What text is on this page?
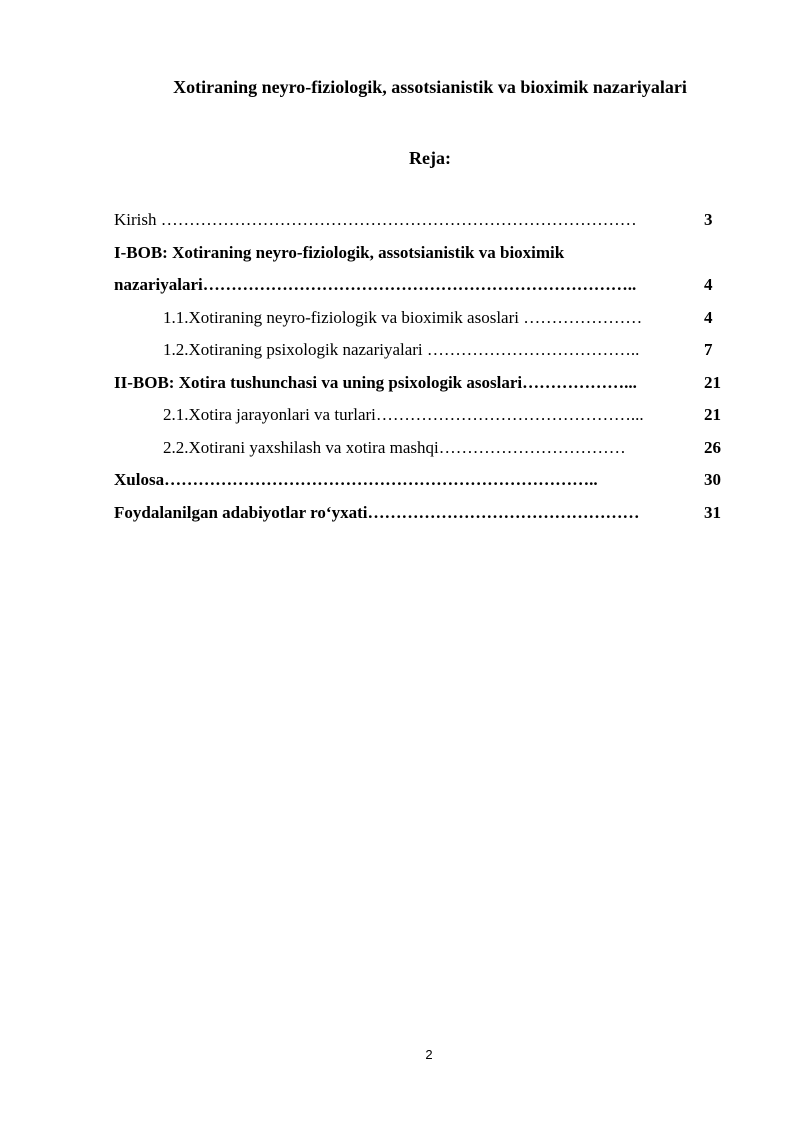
Xotiraning neyro-fiziologik, assotsianistik va bioximik nazariyalari
Reja:
Kirish …………………………………………………………………………	3
I-BOB: Xotiraning neyro-fiziologik, assotsianistik va bioximik
nazariyalari…………………………………………………………………..	4
1.1.Xotiraning neyro-fiziologik va bioximik asoslari …………………	4
1.2.Xotiraning psixologik nazariyalari ………………………………..	7
II-BOB: Xotira tushunchasi va uning psixologik asoslari………………...	21
2.1.Xotira jarayonlari va turlari………………………………………...	21
2.2.Xotirani yaxshilash va xotira mashqi……………………………	26
Xulosa…………………………………………………………………..	30
Foydalanilgan adabiyotlar ro‘yxati…………………………………………	31
2
